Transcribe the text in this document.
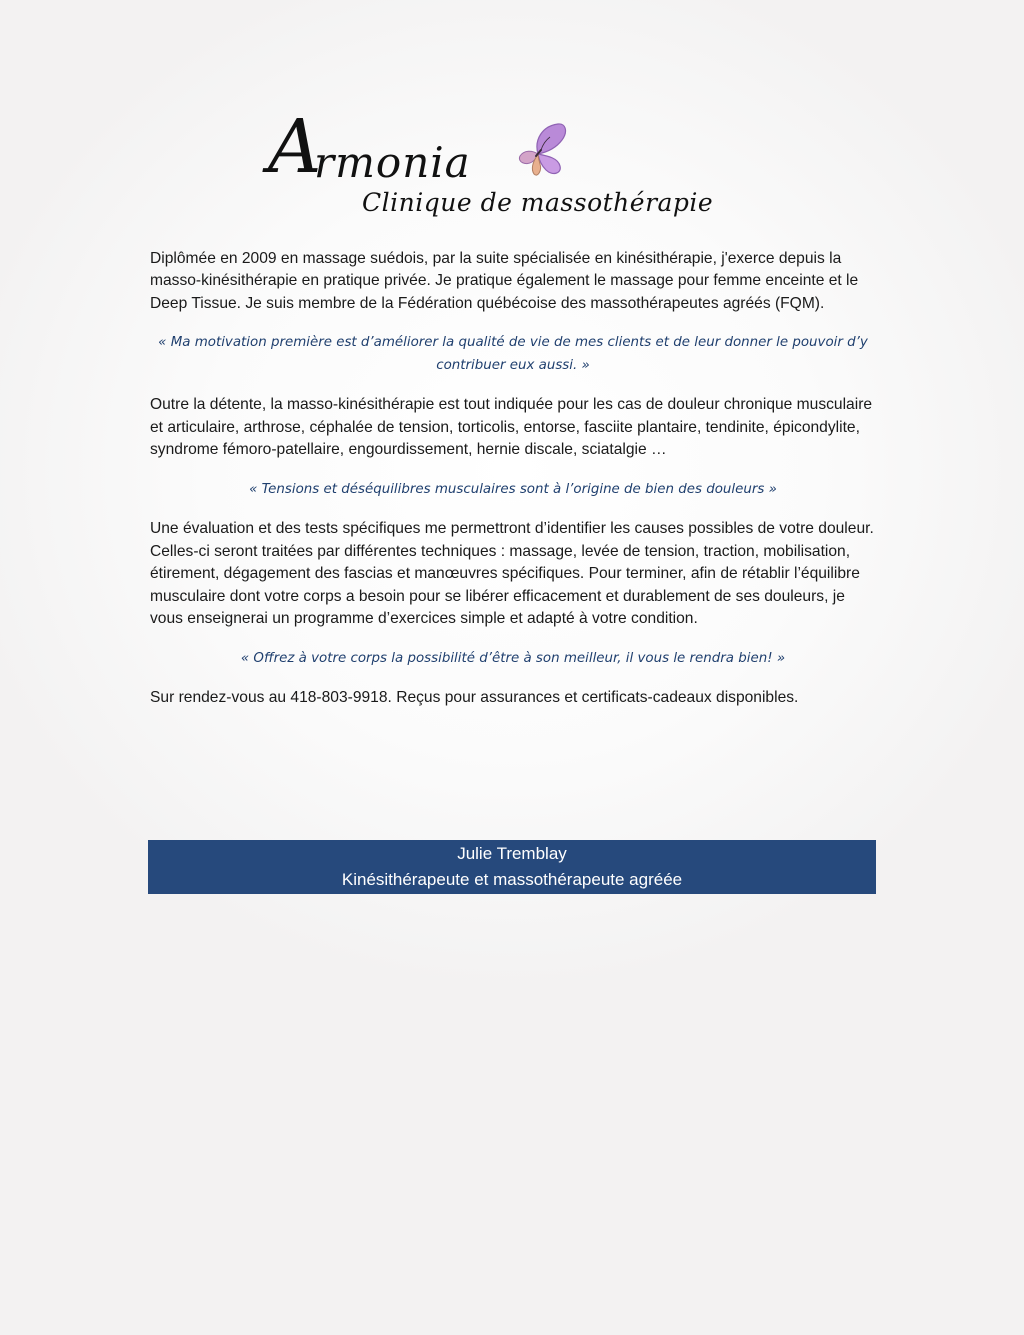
A
rmonia
Clinique de massothérapie

Diplômée en 2009 en massage suédois, par la suite spécialisée en kinésithérapie, j'exerce depuis la masso-kinésithérapie en pratique privée. Je pratique également le massage pour femme enceinte et le Deep Tissue. Je suis membre de la Fédération québécoise des massothérapeutes agréés (FQM).

« Ma motivation première est d’améliorer la qualité de vie de mes clients et de leur donner le pouvoir d’y contribuer eux aussi. »

Outre la détente, la masso-kinésithérapie est tout indiquée pour les cas de douleur chronique musculaire et articulaire, arthrose, céphalée de tension, torticolis, entorse, fasciite plantaire, tendinite, épicondylite, syndrome fémoro-patellaire, engourdissement, hernie discale, sciatalgie …

« Tensions et déséquilibres musculaires sont à l’origine de bien des douleurs »

Une évaluation et des tests spécifiques me permettront d’identifier les causes possibles de votre douleur. Celles-ci seront traitées par différentes techniques : massage, levée de tension, traction, mobilisation, étirement, dégagement des fascias et manœuvres spécifiques. Pour terminer, afin de rétablir l’équilibre musculaire dont votre corps a besoin pour se libérer efficacement et durablement de ses douleurs, je vous enseignerai un programme d’exercices simple et adapté à votre condition.

« Offrez à votre corps la possibilité d’être à son meilleur, il vous le rendra bien! »

Sur rendez-vous au 418-803-9918. Reçus pour assurances et certificats-cadeaux disponibles.

Julie Tremblay
Kinésithérapeute et massothérapeute agrééе
